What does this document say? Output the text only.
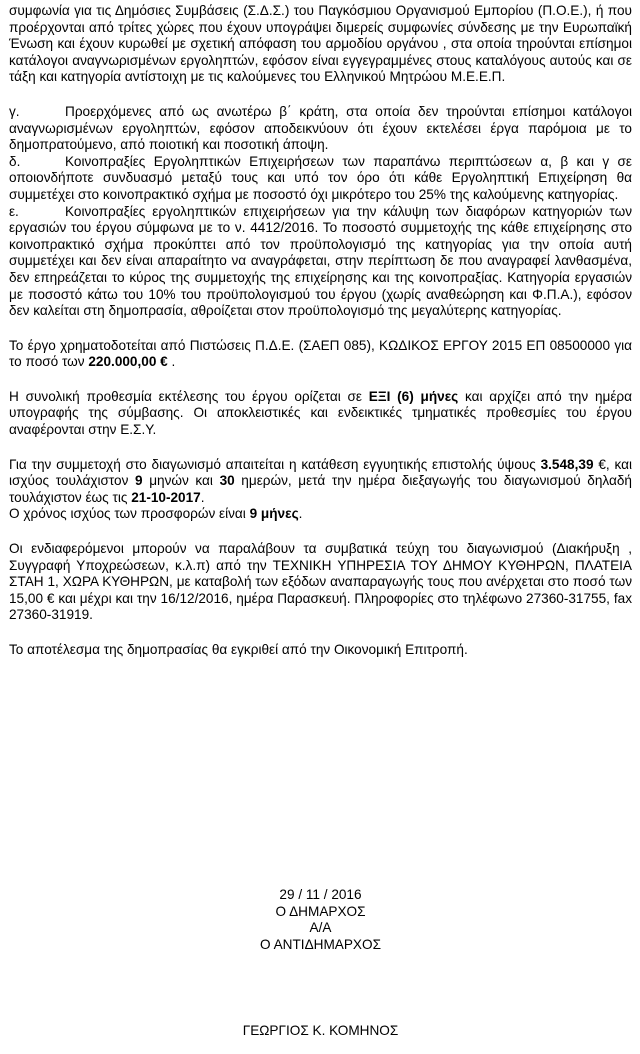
συμφωνία για τις Δημόσιες Συμβάσεις (Σ.Δ.Σ.) του Παγκόσμιου Οργανισμού Εμπορίου (Π.Ο.Ε.), ή που προέρχονται από τρίτες χώρες που έχουν υπογράψει διμερείς συμφωνίες σύνδεσης με την Ευρωπαϊκή Ένωση και έχουν κυρωθεί με σχετική απόφαση του αρμοδίου οργάνου , στα οποία τηρούνται επίσημοι κατάλογοι αναγνωρισμένων εργοληπτών, εφόσον είναι εγγεγραμμένες στους καταλόγους αυτούς και σε τάξη και κατηγορία αντίστοιχη με τις καλούμενες του Ελληνικού Μητρώου Μ.Ε.Ε.Π.

γ.	Προερχόμενες από ως ανωτέρω β΄ κράτη, στα οποία δεν τηρούνται επίσημοι κατάλογοι αναγνωρισμένων εργοληπτών, εφόσον αποδεικνύουν ότι έχουν εκτελέσει έργα παρόμοια με το δημοπρατούμενο, από ποιοτική και ποσοτική άποψη.

δ.	Κοινοπραξίες Εργοληπτικών Επιχειρήσεων των παραπάνω περιπτώσεων α, β και γ σε οποιονδήποτε συνδυασμό μεταξύ τους και υπό τον όρο ότι κάθε Εργοληπτική Επιχείρηση θα συμμετέχει στο κοινοπρακτικό σχήμα με ποσοστό όχι μικρότερο του 25% της καλούμενης κατηγορίας.

ε.	Κοινοπραξίες εργοληπτικών επιχειρήσεων για την κάλυψη των διαφόρων κατηγοριών των εργασιών του έργου σύμφωνα με το ν. 4412/2016. Το ποσοστό συμμετοχής της κάθε επιχείρησης στο κοινοπρακτικό σχήμα προκύπτει από τον προϋπολογισμό της κατηγορίας για την οποία αυτή συμμετέχει και δεν είναι απαραίτητο να αναγράφεται, στην περίπτωση δε που αναγραφεί λανθασμένα, δεν επηρεάζεται το κύρος της συμμετοχής της επιχείρησης και της κοινοπραξίας. Κατηγορία εργασιών με ποσοστό κάτω του 10% του προϋπολογισμού του έργου (χωρίς αναθεώρηση και Φ.Π.Α.), εφόσον δεν καλείται στη δημοπρασία, αθροίζεται στον προϋπολογισμό της μεγαλύτερης κατηγορίας.

Το έργο χρηματοδοτείται από Πιστώσεις Π.Δ.Ε. (ΣΑΕΠ 085), ΚΩΔΙΚΟΣ ΕΡΓΟΥ 2015 ΕΠ 08500000 για το ποσό των 220.000,00 € .

Η συνολική προθεσμία εκτέλεσης του έργου ορίζεται σε ΕΞΙ (6) μήνες και αρχίζει από την ημέρα υπογραφής της σύμβασης. Οι αποκλειστικές και ενδεικτικές τμηματικές προθεσμίες του έργου αναφέρονται στην Ε.Σ.Υ.

Για την συμμετοχή στο διαγωνισμό απαιτείται η κατάθεση εγγυητικής επιστολής ύψους 3.548,39 €, και ισχύος τουλάχιστον 9 μηνών και 30 ημερών, μετά την ημέρα διεξαγωγής του διαγωνισμού δηλαδή τουλάχιστον έως τις 21-10-2017.

Ο χρόνος ισχύος των προσφορών είναι 9 μήνες.

Οι ενδιαφερόμενοι μπορούν να παραλάβουν τα συμβατικά τεύχη του διαγωνισμού (Διακήρυξη , Συγγραφή Υποχρεώσεων, κ.λ.π) από την ΤΕΧΝΙΚΗ ΥΠΗΡΕΣΙΑ ΤΟΥ ΔΗΜΟΥ ΚΥΘΗΡΩΝ, ΠΛΑΤΕΙΑ ΣΤΑΗ 1, ΧΩΡΑ ΚΥΘΗΡΩΝ, με καταβολή των εξόδων αναπαραγωγής τους που ανέρχεται στο ποσό των 15,00 € και μέχρι και την 16/12/2016, ημέρα Παρασκευή. Πληροφορίες στο τηλέφωνο 27360-31755, fax 27360-31919.

Το αποτέλεσμα της δημοπρασίας θα εγκριθεί από την Οικονομική Επιτροπή.

29 / 11 / 2016

Ο ΔΗΜΑΡΧΟΣ

Α/Α

Ο ΑΝΤΙΔΗΜΑΡΧΟΣ

ΓΕΩΡΓΙΟΣ Κ. ΚΟΜΗΝΟΣ
